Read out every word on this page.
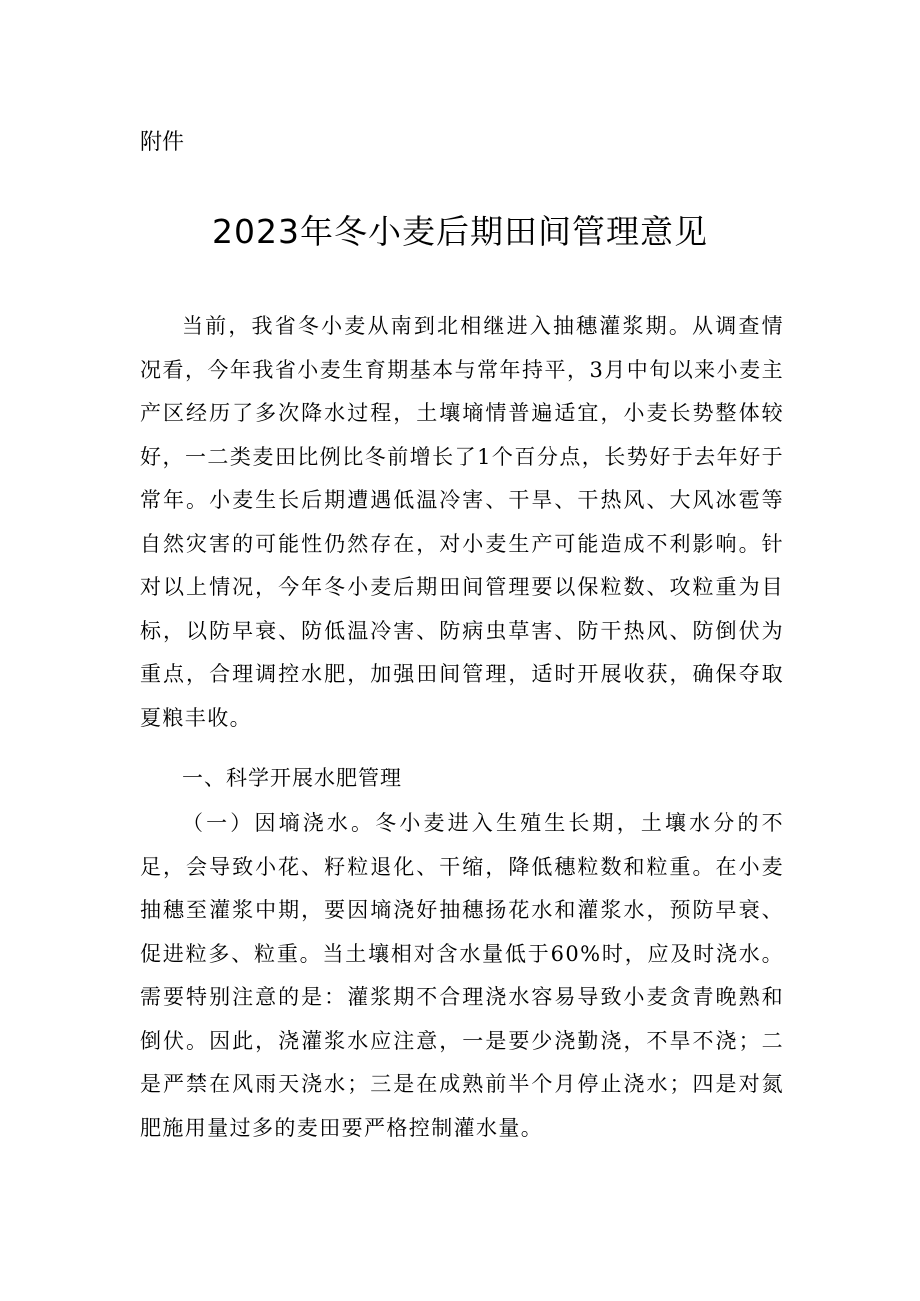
附件
2023年冬小麦后期田间管理意见

当前，我省冬小麦从南到北相继进入抽穗灌浆期。从调查情况看，今年我省小麦生育期基本与常年持平，3月中旬以来小麦主产区经历了多次降水过程，土壤墒情普遍适宜，小麦长势整体较好，一二类麦田比例比冬前增长了1个百分点，长势好于去年好于常年。小麦生长后期遭遇低温冷害、干旱、干热风、大风冰雹等自然灾害的可能性仍然存在，对小麦生产可能造成不利影响。针对以上情况，今年冬小麦后期田间管理要以保粒数、攻粒重为目标，以防早衰、防低温冷害、防病虫草害、防干热风、防倒伏为重点，合理调控水肥，加强田间管理，适时开展收获，确保夺取夏粮丰收。

一、科学开展水肥管理

（一）因墒浇水。冬小麦进入生殖生长期，土壤水分的不足，会导致小花、籽粒退化、干缩，降低穗粒数和粒重。在小麦抽穗至灌浆中期，要因墒浇好抽穗扬花水和灌浆水，预防早衰、促进粒多、粒重。当土壤相对含水量低于60%时，应及时浇水。需要特别注意的是：灌浆期不合理浇水容易导致小麦贪青晚熟和倒伏。因此，浇灌浆水应注意，一是要少浇勤浇，不旱不浇；二是严禁在风雨天浇水；三是在成熟前半个月停止浇水；四是对氮肥施用量过多的麦田要严格控制灌水量。
